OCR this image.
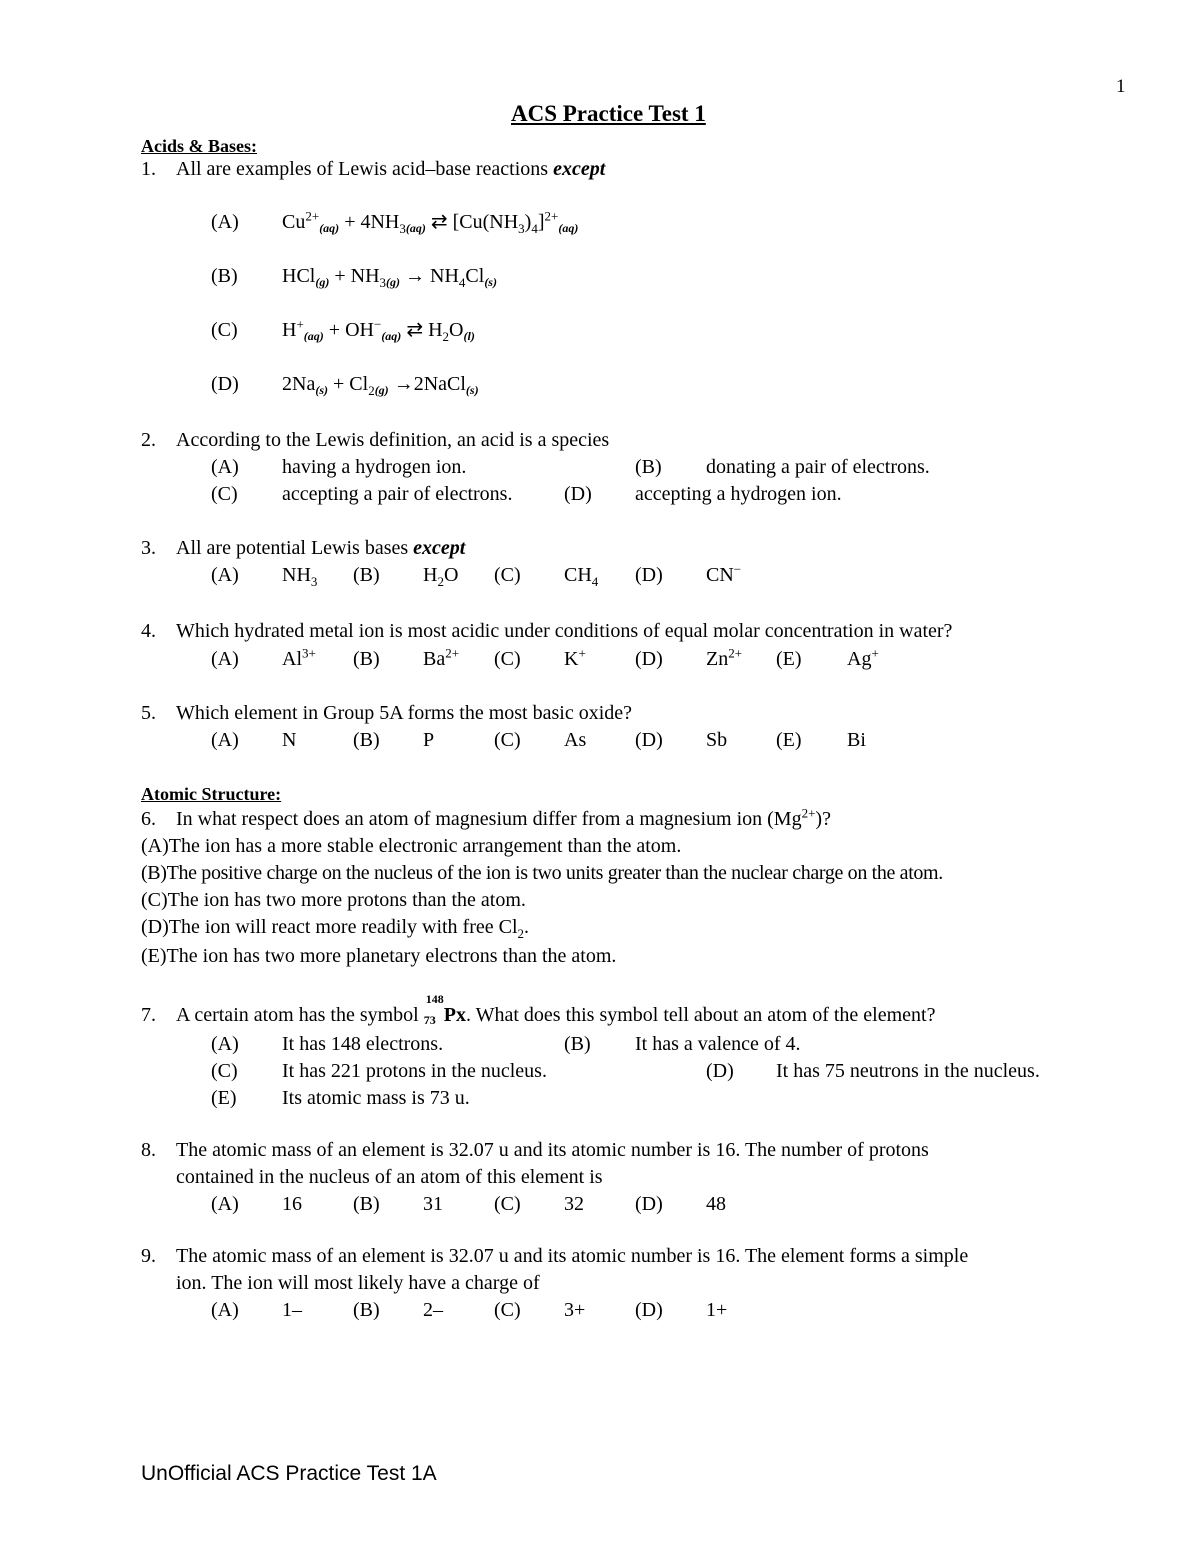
1
ACS Practice Test 1
Acids & Bases:
1. All are examples of Lewis acid–base reactions except
(A) $Cu^{2+}_{(aq)} + 4NH_{3(aq)}$ ⇄ $[Cu(NH_3)_4]^{2+}_{(aq)}$
(B) $HCl_{(g)} + NH_{3(g)} \to NH_4Cl_{(s)}$
(C) $H^+_{(aq)} + OH^-_{(aq)}$ ⇄ $H_2O_{(l)}$
(D) $2Na_{(s)} + Cl_{2(g)}$ →2NaCl$_{(s)}$
2. According to the Lewis definition, an acid is a species
(A) having a hydrogen ion.	(B) donating a pair of electrons.
(C) accepting a pair of electrons.	(D) accepting a hydrogen ion.
3. All are potential Lewis bases except
(A) $NH_3$ (B) $H_2O$ (C) $CH_4$ (D) CN−
4. Which hydrated metal ion is most acidic under conditions of equal molar concentration in water?
(A) $Al^{3+}$ (B) $Ba^{2+}$ (C) K+ (D) $Zn^{2+}$ (E) Ag+
5. Which element in Group 5A forms the most basic oxide?
(A) N	(B) P	(C) As (D) Sb (E) Bi
Atomic Structure:
6. In what respect does an atom of magnesium differ from a magnesium ion $(Mg^{2+})$?
(A)The ion has a more stable electronic arrangement than the atom.
(B)The positive charge on the nucleus of the ion is two units greater than the nuclear charge on the atom.
(C)The ion has two more protons than the atom.
(D)The ion will react more readily with free $Cl_2$.
(E)The ion has two more planetary electrons than the atom.
7. A certain atom has the symbol
148
73 Px. What does this symbol tell about an atom of the element?
(A) It has 148 electrons.	(B) It has a valence of 4.
(C) It has 221 protons in the nucleus.	(D) It has 75 neutrons in the nucleus.
(E) Its atomic mass is 73 u.
8. The atomic mass of an element is 32.07 u and its atomic number is 16. The number of protons
contained in the nucleus of an atom of this element is
(A) 16	(B) 31	(C) 32	(D) 48
9. The atomic mass of an element is 32.07 u and its atomic number is 16. The element forms a simple
ion. The ion will most likely have a charge of
(A) 1–	(B) 2–	(C) 3+ (D) 1+
UnOfficial ACS Practice Test 1A
